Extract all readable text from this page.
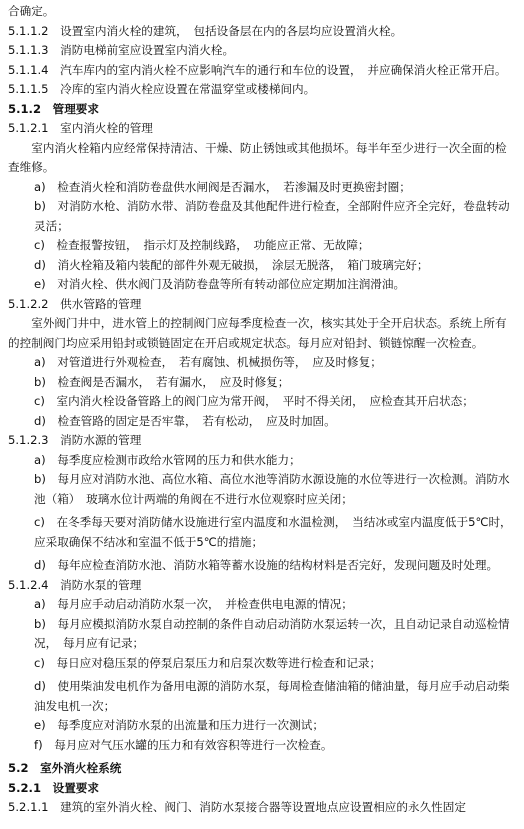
合确定。

5.1.1.2　设置室内消火栓的建筑，　包括设备层在内的各层均应设置消火栓。

5.1.1.3　消防电梯前室应设置室内消火栓。

5.1.1.4　汽车库内的室内消火栓不应影响汽车的通行和车位的设置，　并应确保消火栓正常开启。

5.1.1.5　冷库的室内消火栓应设置在常温穿堂或楼梯间内。

5.1.2　管理要求

5.1.2.1　室内消火栓的管理

室内消火栓箱内应经常保持清洁、干燥、防止锈蚀或其他损坏。每半年至少进行一次全面的检查维修。

a)　检查消火栓和消防卷盘供水闸阀是否漏水，　若渗漏及时更换密封圈；

b)　对消防水枪、消防水带、消防卷盘及其他配件进行检查，全部附件应齐全完好，卷盘转动灵活；

c)　检查报警按钮，　指示灯及控制线路，　功能应正常、无故障；

d)　消火栓箱及箱内装配的部件外观无破损，　涂层无脱落，　箱门玻璃完好；

e)　对消火栓、供水阀门及消防卷盘等所有转动部位应定期加注润滑油。

5.1.2.2　供水管路的管理

室外阀门井中，进水管上的控制阀门应每季度检查一次，核实其处于全开启状态。系统上所有的控制阀门均应采用铅封或锁链固定在开启或规定状态。每月应对铅封、锁链惊醒一次检查。

a)　对管道进行外观检查，　若有腐蚀、机械损伤等，　应及时修复；

b)　检查阀是否漏水，　若有漏水，　应及时修复；

c)　室内消火栓设备管路上的阀门应为常开阀，　平时不得关闭，　应检查其开启状态；

d)　检查管路的固定是否牢靠，　若有松动，　应及时加固。

5.1.2.3　消防水源的管理

a)　每季度应检测市政给水管网的压力和供水能力；

b)　每月应对消防水池、高位水箱、高位水池等消防水源设施的水位等进行一次检测。消防水池（箱）　玻璃水位计两端的角阀在不进行水位观察时应关闭；

c)　在冬季每天要对消防储水设施进行室内温度和水温检测，　当结冰或室内温度低于5℃时，　应采取确保不结冰和室温不低于5℃的措施；

d)　每年应检查消防水池、消防水箱等蓄水设施的结构材料是否完好，发现问题及时处理。

5.1.2.4　消防水泵的管理

a)　每月应手动启动消防水泵一次，　并检查供电电源的情况；

b)　每月应模拟消防水泵自动控制的条件自动启动消防水泵运转一次，且自动记录自动巡检情况，　每月应有记录；

c)　每日应对稳压泵的停泵启泵压力和启泵次数等进行检查和记录；

d)　使用柴油发电机作为备用电源的消防水泵，每周检查储油箱的储油量，每月应手动启动柴油发电机一次；

e)　每季度应对消防水泵的出流量和压力进行一次测试；

f)　每月应对气压水罐的压力和有效容积等进行一次检查。

5.2　室外消火栓系统

5.2.1　设置要求

5.2.1.1　建筑的室外消火栓、阀门、消防水泵接合器等设置地点应设置相应的永久性固定
